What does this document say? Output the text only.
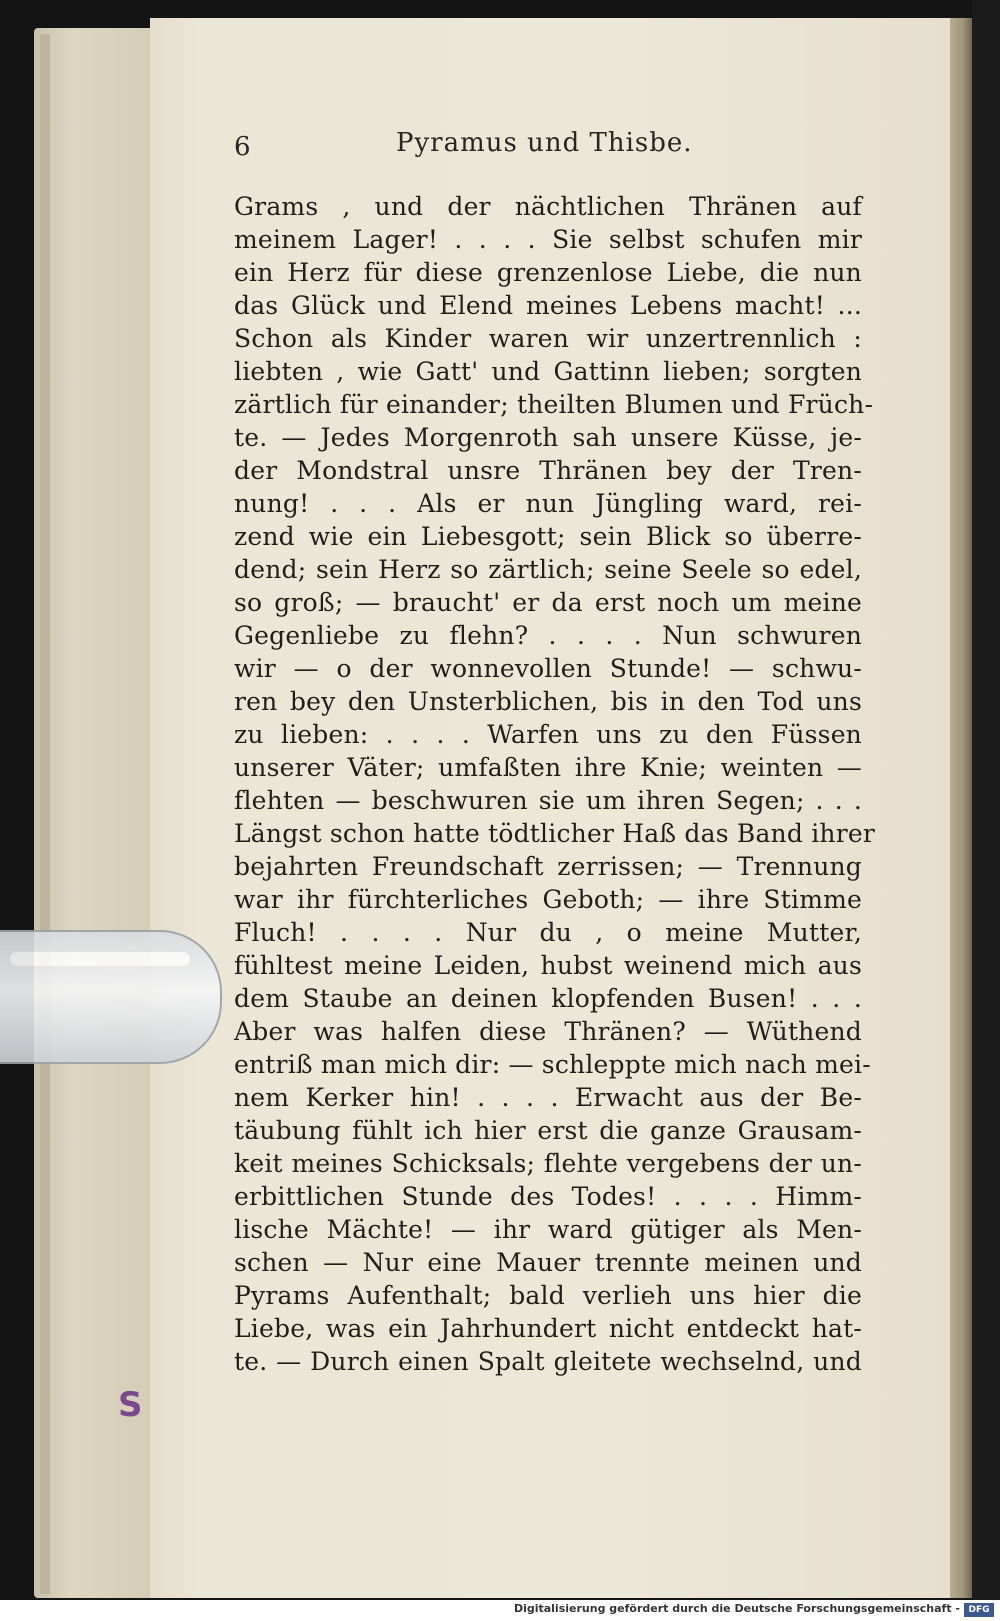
6	Pyramus und Thisbe.

Grams , und der nächtlichen Thränen auf
meinem Lager! . . . . Sie selbst schufen mir
ein Herz für diese grenzenlose Liebe, die nun
das Glück und Elend meines Lebens macht! ...
Schon als Kinder waren wir unzertrennlich :
liebten , wie Gatt' und Gattinn lieben; sorgten
zärtlich für einander; theilten Blumen und Früch-
te. — Jedes Morgenroth sah unsere Küsse, je-
der Mondstral unsre Thränen bey der Tren-
nung! . . . Als er nun Jüngling ward, rei-
zend wie ein Liebesgott; sein Blick so überre-
dend; sein Herz so zärtlich; seine Seele so edel,
so groß; — braucht' er da erst noch um meine
Gegenliebe zu flehn? . . . . Nun schwuren
wir — o der wonnevollen Stunde! — schwu-
ren bey den Unsterblichen, bis in den Tod uns
zu lieben: . . . . Warfen uns zu den Füssen
unserer Väter; umfaßten ihre Knie; weinten —
flehten — beschwuren sie um ihren Segen; . . .
Längst schon hatte tödtlicher Haß das Band ihrer
bejahrten Freundschaft zerrissen; — Trennung
war ihr fürchterliches Geboth; — ihre Stimme
Fluch! . . . . Nur du , o meine Mutter,
fühltest meine Leiden, hubst weinend mich aus
dem Staube an deinen klopfenden Busen! . . .
Aber was halfen diese Thränen? — Wüthend
entriß man mich dir: — schleppte mich nach mei-
nem Kerker hin! . . . . Erwacht aus der Be-
täubung fühlt ich hier erst die ganze Grausam-
keit meines Schicksals; flehte vergebens der un-
erbittlichen Stunde des Todes! . . . . Himm-
lische Mächte! — ihr ward gütiger als Men-
schen — Nur eine Mauer trennte meinen und
Pyrams Aufenthalt; bald verlieh uns hier die
Liebe, was ein Jahrhundert nicht entdeckt hat-
te. — Durch einen Spalt gleitete wechselnd, und

S

Digitalisierung gefördert durch die Deutsche Forschungsgemeinschaft - DFG
